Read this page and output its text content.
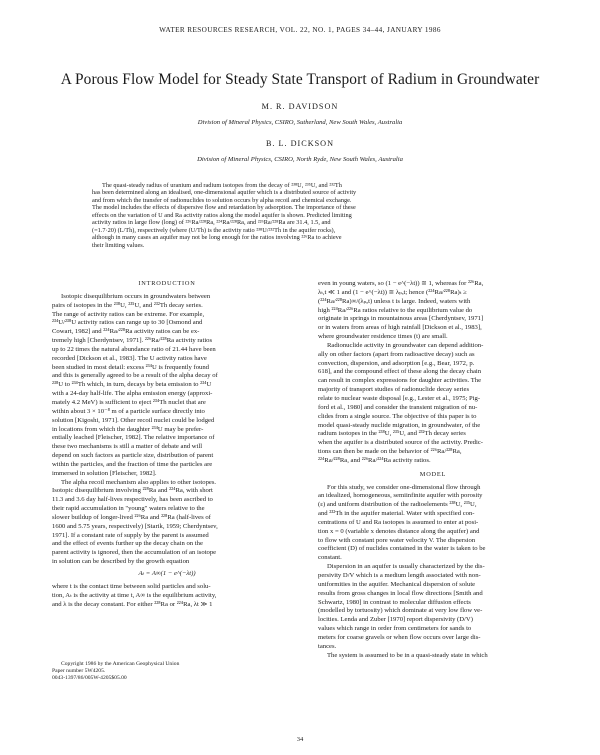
WATER RESOURCES RESEARCH, VOL. 22, NO. 1, PAGES 34–44, JANUARY 1986
A Porous Flow Model for Steady State Transport of Radium in Groundwater
M. R. DAVIDSON
Division of Mineral Physics, CSIRO, Sutherland, New South Wales, Australia
B. L. DICKSON
Division of Mineral Physics, CSIRO, North Ryde, New South Wales, Australia

The quasi-steady radius of uranium and radium isotopes from the decay of ²³⁸U, ²³⁵U, and ²³²Th
has been determined along an idealised, one-dimensional aquifer which is a distributed source of activity
and from which the transfer of radionuclides to solution occurs by alpha recoil and chemical exchange.
The model includes the effects of dispersive flow and retardation by adsorption. The importance of these
effects on the variation of U and Ra activity ratios along the model aquifer is shown. Predicted limiting
activity ratios in large flow (long) of ²²⁶Ra/²²⁸Ra, ²²⁴Ra/²²⁸Ra, and ²²⁶Ra/²²⁸Ra are 31.4, 1.5, and
(=1.7·20) (L/Th), respectively (where (U/Th) is the activity ratio ²³⁸U/²³²Th in the aquifer rocks),
although in many cases an aquifer may not be long enough for the ratios involving ²²⁶Ra to achieve
their limiting values.

INTRODUCTION
Isotopic disequilibrium occurs in groundwaters between
pairs of isotopes in the ²³⁸U, ²³⁵U, and ²³²Th decay series.
The range of activity ratios can be extreme. For example,
²³⁴U/²³⁸U activity ratios can range up to 30 [Osmond and
Cowart, 1982] and ²²⁴Ra/²²⁸Ra activity ratios can be ex-
tremely high [Cherdyntsev, 1971]. ²²⁶Ra/²²⁸Ra activity ratios
up to 22 times the natural abundance ratio of 21.44 have been
recorded [Dickson et al., 1983]. The U activity ratios have
been studied in most detail: excess ²³⁴U is frequently found
and this is generally agreed to be a result of the alpha decay of
²³⁸U to ²³⁴Th which, in turn, decays by beta emission to ²³⁴U
with a 24-day half-life. The alpha emission energy (approxi-
mately 4.2 MeV) is sufficient to eject ²³⁴Th nuclei that are
within about 3 × 10⁻⁸ m of a particle surface directly into
solution [Kigoshi, 1971]. Other recoil nuclei could be lodged
in locations from which the daughter ²³⁴U may be prefer-
entially leached [Fleischer, 1982]. The relative importance of
these two mechanisms is still a matter of debate and will
depend on such factors as particle size, distribution of parent
within the particles, and the fraction of time the particles are
immersed in solution [Fleischer, 1982].
The alpha recoil mechanism also applies to other isotopes.
Isotopic disequilibrium involving ²²⁸Ra and ²²⁴Ra, with short
11.3 and 3.6 day half-lives respectively, has been ascribed to
their rapid accumulation in "young" waters relative to the
slower buildup of longer-lived ²²⁶Ra and ²²⁸Ra (half-lives of
1600 and 5.75 years, respectively) [Starik, 1959; Cherdyntsev,
1971]. If a constant rate of supply by the parent is assumed
and the effect of events further up the decay chain on the
parent activity is ignored, then the accumulation of an isotope
in solution can be described by the growth equation
Aₜ = A∞(1 − e^(−λt))
where t is the contact time between solid particles and solu-
tion, Aₜ is the activity at time t, A∞ is the equilibrium activity,
and λ is the decay constant. For either ²²⁸Ra or ²²⁴Ra, λt ≫ 1
even in young waters, so (1 − e^(−λt)) ≅ 1, whereas for ²²⁶Ra,
λₜ,t ≪ 1 and (1 − e^(−λt)) ≅ λₚₐt; hence (²²⁴Ra/²²⁸Ra)ₜ ≥
(²²⁴Ra/²²⁸Ra)∞/(λₚₐt) unless t is large. Indeed, waters with
high ²²⁴Ra/²²⁶Ra ratios relative to the equilibrium value do
originate in springs in mountainous areas [Cherdyntsev, 1971]
or in waters from areas of high rainfall [Dickson et al., 1983],
where groundwater residence times (t) are small.
Radionuclide activity in groundwater can depend addition-
ally on other factors (apart from radioactive decay) such as
convection, dispersion, and adsorption [e.g., Bear, 1972, p.
618], and the compound effect of these along the decay chain
can result in complex expressions for daughter activities. The
majority of transport studies of radionuclide decay series
relate to nuclear waste disposal [e.g., Lester et al., 1975; Pig-
ford et al., 1980] and consider the transient migration of nu-
clides from a single source. The objective of this paper is to
model quasi-steady nuclide migration, in groundwater, of the
radium isotopes in the ²³⁸U, ²³⁵U, and ²³²Th decay series
when the aquifer is a distributed source of the activity. Predic-
tions can then be made on the behavior of ²²⁶Ra/²²⁸Ra,
²²⁴Ra/²²⁸Ra, and ²²⁶Ra/²²⁴Ra activity ratios.
MODEL
For this study, we consider one-dimensional flow through
an idealized, homogeneous, semiinfinite aquifer with porosity
(ε) and uniform distribution of the radioelements ²³⁸U, ²³⁵U,
and ²³²Th in the aquifer material. Water with specified con-
centrations of U and Ra isotopes is assumed to enter at posi-
tion x = 0 (variable x denotes distance along the aquifer) and
to flow with constant pore water velocity V. The dispersion
coefficient (D) of nuclides contained in the water is taken to be
constant.
Dispersion in an aquifer is usually characterized by the dis-
persivity D/V which is a medium length associated with non-
uniformities in the aquifer. Mechanical dispersion of solute
results from gross changes in local flow directions [Smith and
Schwartz, 1980] in contrast to molecular diffusion effects
(modelled by tortuosity) which dominate at very low flow ve-
locities. Lenda and Zuber [1970] report dispersivity (D/V)
values which range in order from centimeters for sands to
meters for coarse gravels or when flow occurs over large dis-
tances.
The system is assumed to be in a quasi-steady state in which

Copyright 1986 by the American Geophysical Union
Paper number 5W4205.
0043-1397/86/005W-4205$05.00

34
